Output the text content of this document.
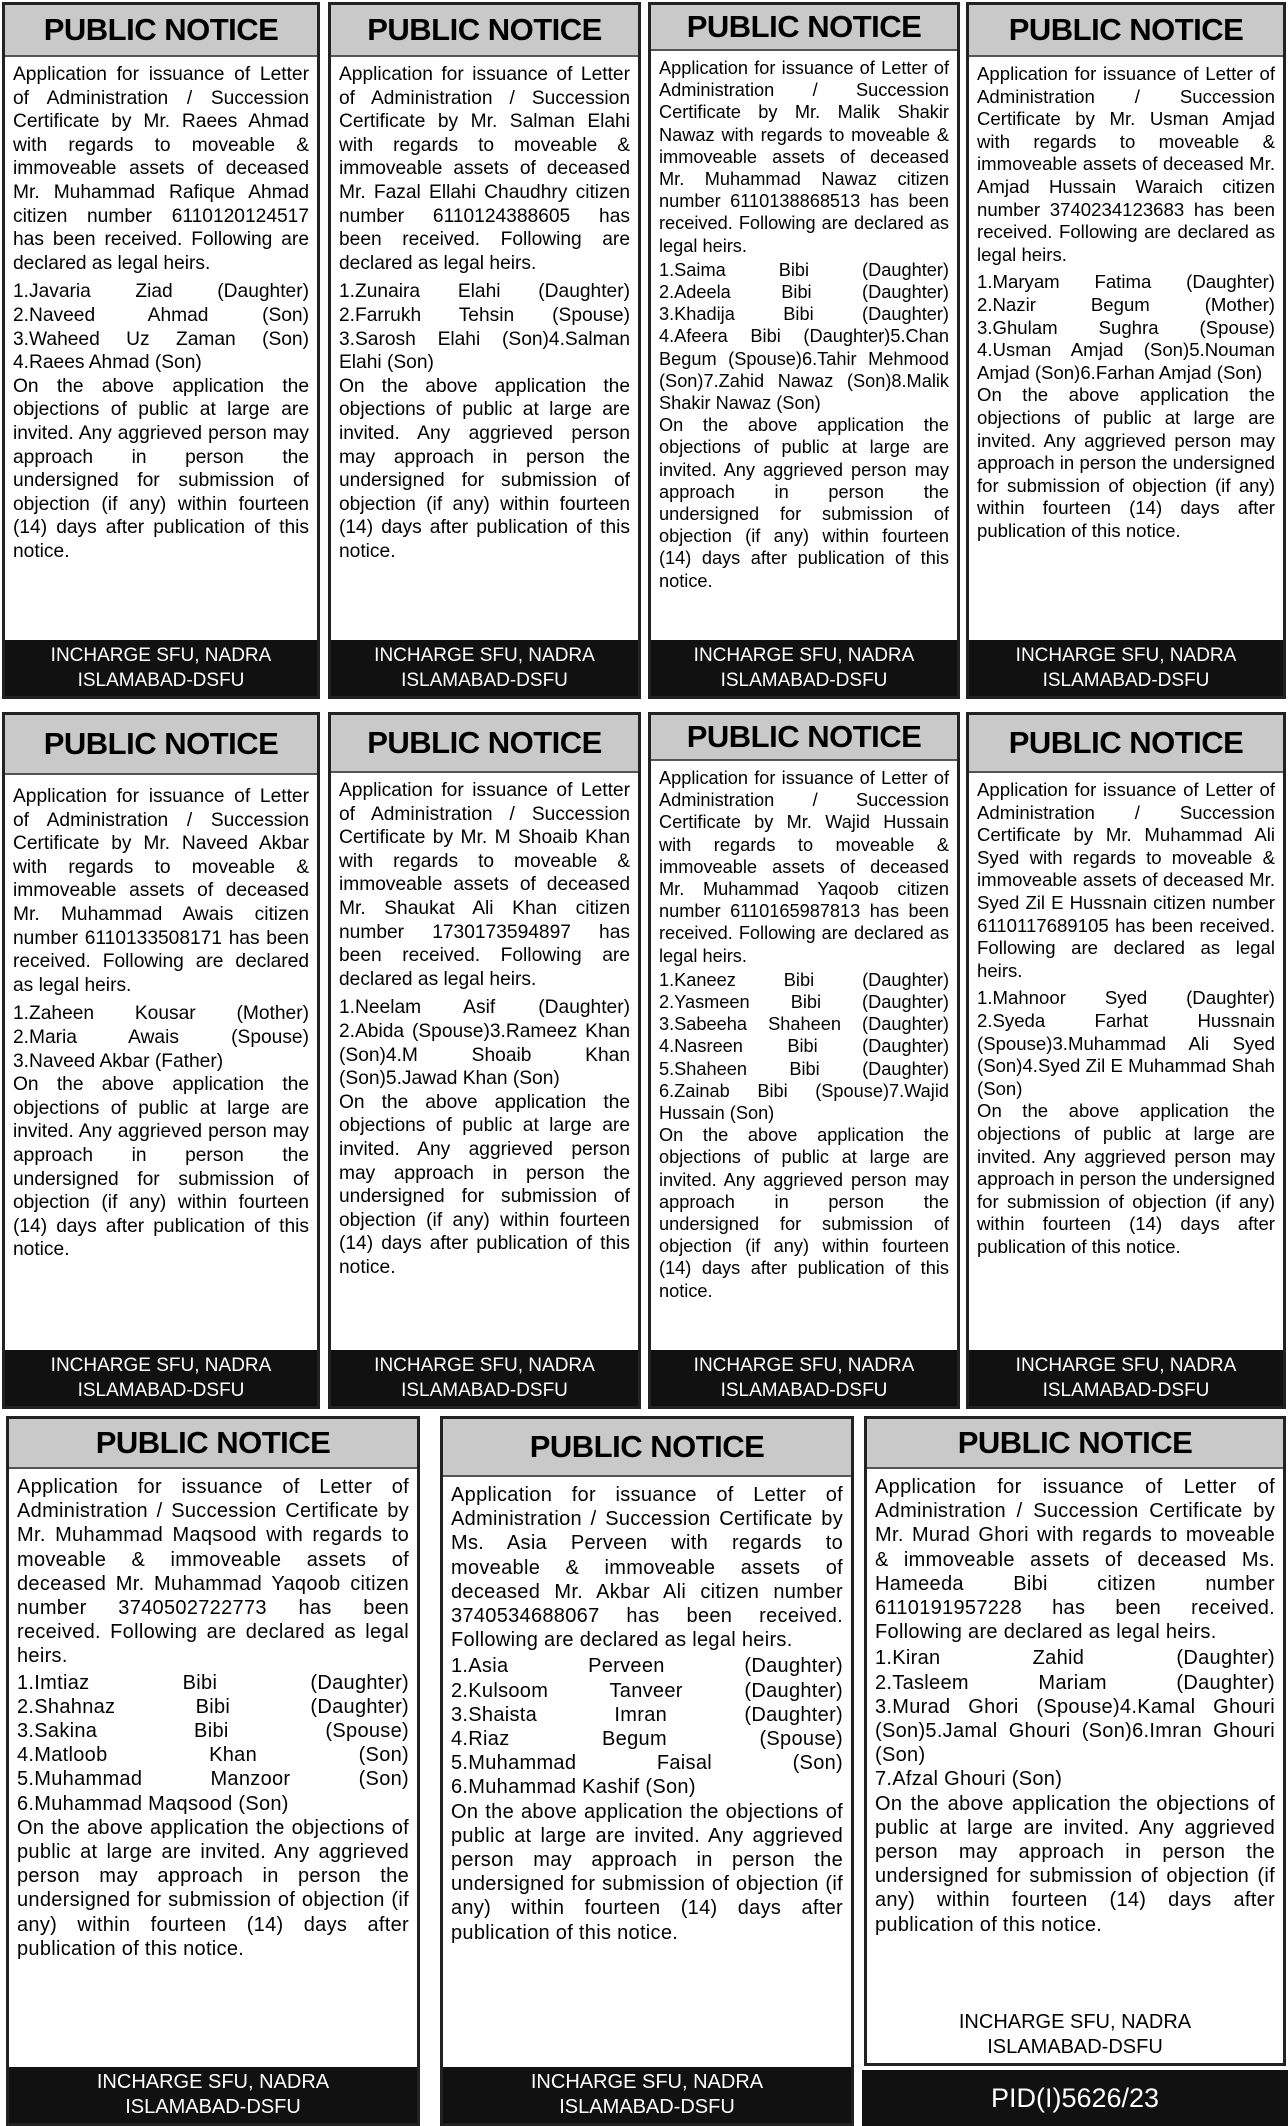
PUBLIC NOTICE

Application for issuance of Letter of Administration / Succession Certificate by Mr. Raees Ahmad with regards to moveable & immoveable assets of deceased Mr. Muhammad Rafique Ahmad citizen number 6110120124517 has been received. Following are declared as legal heirs.

1.Javaria Ziad (Daughter)
2.Naveed Ahmad (Son)
3.Waheed Uz Zaman (Son)
4.Raees Ahmad (Son)

On the above application the objections of public at large are invited. Any aggrieved person may approach in person the undersigned for submission of objection (if any) within fourteen (14) days after publication of this notice.

INCHARGE SFU, NADRA
ISLAMABAD-DSFU
PUBLIC NOTICE

Application for issuance of Letter of Administration / Succession Certificate by Mr. Salman Elahi with regards to moveable & immoveable assets of deceased Mr. Fazal Ellahi Chaudhry citizen number 6110124388605 has been received. Following are declared as legal heirs.

1.Zunaira Elahi (Daughter)
2.Farrukh Tehsin (Spouse)
3.Sarosh Elahi (Son)4.Salman Elahi (Son)

On the above application the objections of public at large are invited. Any aggrieved person may approach in person the undersigned for submission of objection (if any) within fourteen (14) days after publication of this notice.

INCHARGE SFU, NADRA
ISLAMABAD-DSFU
PUBLIC NOTICE

Application for issuance of Letter of Administration / Succession Certificate by Mr. Malik Shakir Nawaz with regards to moveable & immoveable assets of deceased Mr. Muhammad Nawaz citizen number 6110138868513 has been received. Following are declared as legal heirs.

1.Saima Bibi (Daughter)
2.Adeela Bibi (Daughter)
3.Khadija Bibi (Daughter)
4.Afeera Bibi (Daughter)5.Chan Begum (Spouse)6.Tahir Mehmood (Son)7.Zahid Nawaz (Son)8.Malik Shakir Nawaz (Son)

On the above application the objections of public at large are invited. Any aggrieved person may approach in person the undersigned for submission of objection (if any) within fourteen (14) days after publication of this notice.

INCHARGE SFU, NADRA
ISLAMABAD-DSFU
PUBLIC NOTICE

Application for issuance of Letter of Administration / Succession Certificate by Mr. Usman Amjad with regards to moveable & immoveable assets of deceased Mr. Amjad Hussain Waraich citizen number 3740234123683 has been received. Following are declared as legal heirs.

1.Maryam Fatima (Daughter)
2.Nazir Begum (Mother)
3.Ghulam Sughra (Spouse)
4.Usman Amjad (Son)5.Nouman Amjad (Son)6.Farhan Amjad (Son)

On the above application the objections of public at large are invited. Any aggrieved person may approach in person the undersigned for submission of objection (if any) within fourteen (14) days after publication of this notice.

INCHARGE SFU, NADRA
ISLAMABAD-DSFU
PUBLIC NOTICE

Application for issuance of Letter of Administration / Succession Certificate by Mr. Naveed Akbar with regards to moveable & immoveable assets of deceased Mr. Muhammad Awais citizen number 6110133508171 has been received. Following are declared as legal heirs.

1.Zaheen Kousar (Mother)
2.Maria Awais (Spouse)
3.Naveed Akbar (Father)

On the above application the objections of public at large are invited. Any aggrieved person may approach in person the undersigned for submission of objection (if any) within fourteen (14) days after publication of this notice.

INCHARGE SFU, NADRA
ISLAMABAD-DSFU
PUBLIC NOTICE

Application for issuance of Letter of Administration / Succession Certificate by Mr. M Shoaib Khan with regards to moveable & immoveable assets of deceased Mr. Shaukat Ali Khan citizen number 1730173594897 has been received. Following are declared as legal heirs.

1.Neelam Asif (Daughter)
2.Abida (Spouse)3.Rameez Khan (Son)4.M Shoaib Khan (Son)5.Jawad Khan (Son)

On the above application the objections of public at large are invited. Any aggrieved person may approach in person the undersigned for submission of objection (if any) within fourteen (14) days after publication of this notice.

INCHARGE SFU, NADRA
ISLAMABAD-DSFU
PUBLIC NOTICE

Application for issuance of Letter of Administration / Succession Certificate by Mr. Wajid Hussain with regards to moveable & immoveable assets of deceased Mr. Muhammad Yaqoob citizen number 6110165987813 has been received. Following are declared as legal heirs.

1.Kaneez Bibi (Daughter)
2.Yasmeen Bibi (Daughter)
3.Sabeeha Shaheen (Daughter)
4.Nasreen Bibi (Daughter)
5.Shaheen Bibi (Daughter)
6.Zainab Bibi (Spouse)7.Wajid Hussain (Son)

On the above application the objections of public at large are invited. Any aggrieved person may approach in person the undersigned for submission of objection (if any) within fourteen (14) days after publication of this notice.

INCHARGE SFU, NADRA
ISLAMABAD-DSFU
PUBLIC NOTICE

Application for issuance of Letter of Administration / Succession Certificate by Mr. Muhammad Ali Syed with regards to moveable & immoveable assets of deceased Mr. Syed Zil E Hussnain citizen number 6110117689105 has been received. Following are declared as legal heirs.

1.Mahnoor Syed (Daughter)
2.Syeda Farhat Hussnain (Spouse)3.Muhammad Ali Syed (Son)4.Syed Zil E Muhammad Shah (Son)

On the above application the objections of public at large are invited. Any aggrieved person may approach in person the undersigned for submission of objection (if any) within fourteen (14) days after publication of this notice.

INCHARGE SFU, NADRA
ISLAMABAD-DSFU
PUBLIC NOTICE

Application for issuance of Letter of Administration / Succession Certificate by Mr. Muhammad Maqsood with regards to moveable & immoveable assets of deceased Mr. Muhammad Yaqoob citizen number 3740502722773 has been received. Following are declared as legal heirs.

1.Imtiaz Bibi (Daughter)
2.Shahnaz Bibi (Daughter)
3.Sakina Bibi (Spouse)
4.Matloob Khan (Son)
5.Muhammad Manzoor (Son)
6.Muhammad Maqsood (Son)

On the above application the objections of public at large are invited. Any aggrieved person may approach in person the undersigned for submission of objection (if any) within fourteen (14) days after publication of this notice.

INCHARGE SFU, NADRA
ISLAMABAD-DSFU
PUBLIC NOTICE

Application for issuance of Letter of Administration / Succession Certificate by Ms. Asia Perveen with regards to moveable & immoveable assets of deceased Mr. Akbar Ali citizen number 3740534688067 has been received. Following are declared as legal heirs.

1.Asia Perveen (Daughter)
2.Kulsoom Tanveer (Daughter)
3.Shaista Imran (Daughter)
4.Riaz Begum (Spouse)
5.Muhammad Faisal (Son)
6.Muhammad Kashif (Son)

On the above application the objections of public at large are invited. Any aggrieved person may approach in person the undersigned for submission of objection (if any) within fourteen (14) days after publication of this notice.

INCHARGE SFU, NADRA
ISLAMABAD-DSFU
PUBLIC NOTICE

Application for issuance of Letter of Administration / Succession Certificate by Mr. Murad Ghori with regards to moveable & immoveable assets of deceased Ms. Hameeda Bibi citizen number 6110191957228 has been received. Following are declared as legal heirs.

1.Kiran Zahid (Daughter)
2.Tasleem Mariam (Daughter)
3.Murad Ghori (Spouse)4.Kamal Ghouri (Son)5.Jamal Ghouri (Son)6.Imran Ghouri (Son)
7.Afzal Ghouri (Son)

On the above application the objections of public at large are invited. Any aggrieved person may approach in person the undersigned for submission of objection (if any) within fourteen (14) days after publication of this notice.

INCHARGE SFU, NADRA
ISLAMABAD-DSFU
PID(I)5626/23
